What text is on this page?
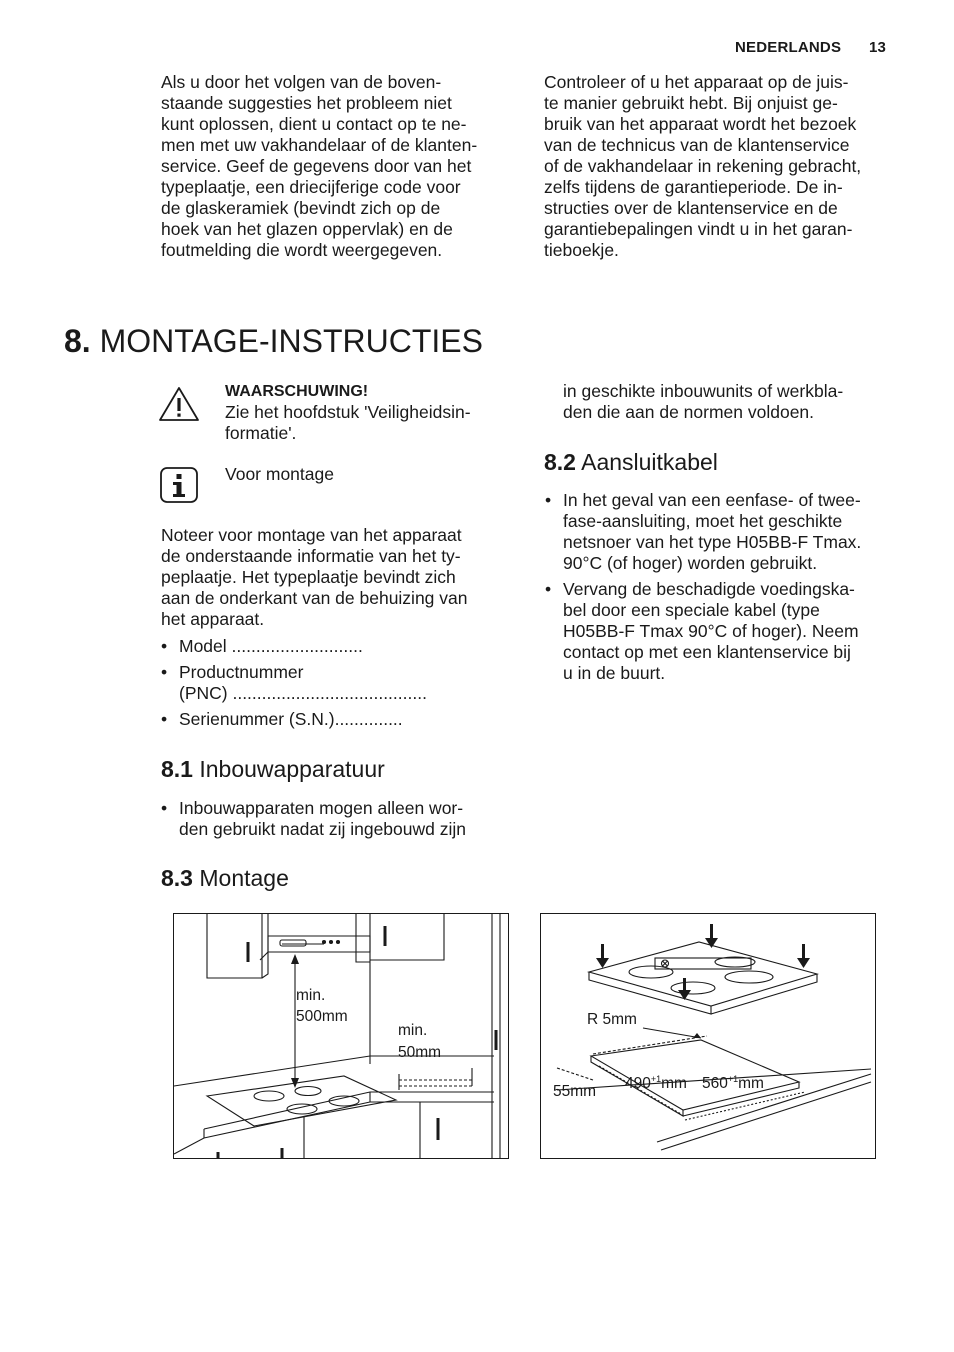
NEDERLANDS 13
Als u door het volgen van de boven-
staande suggesties het probleem niet
kunt oplossen, dient u contact op te ne-
men met uw vakhandelaar of de klanten-
service. Geef de gegevens door van het
typeplaatje, een driecijferige code voor
de glaskeramiek (bevindt zich op de
hoek van het glazen oppervlak) en de
foutmelding die wordt weergegeven.
Controleer of u het apparaat op de juis-
te manier gebruikt hebt. Bij onjuist ge-
bruik van het apparaat wordt het bezoek
van de technicus van de klantenservice
of de vakhandelaar in rekening gebracht,
zelfs tijdens de garantieperiode. De in-
structies over de klantenservice en de
garantiebepalingen vindt u in het garan-
tieboekje.
8. MONTAGE-INSTRUCTIES
WAARSCHUWING!
Zie het hoofdstuk 'Veiligheidsin-
formatie'.
Voor montage
Noteer voor montage van het apparaat
de onderstaande informatie van het ty-
peplaatje. Het typeplaatje bevindt zich
aan de onderkant van de behuizing van
het apparaat.
• Model ...........................
• Productnummer
(PNC) ........................................
• Serienummer (S.N.)..............
8.1 Inbouwapparatuur
• Inbouwapparaten mogen alleen wor-
den gebruikt nadat zij ingebouwd zijn
in geschikte inbouwunits of werkbla-
den die aan de normen voldoen.
8.2 Aansluitkabel
• In het geval van een eenfase- of twee-
fase-aansluiting, moet het geschikte
netsnoer van het type H05BB-F Tmax.
90°C (of hoger) worden gebruikt.
• Vervang de beschadigde voedingska-
bel door een speciale kabel (type
H05BB-F Tmax 90°C of hoger). Neem
contact op met een klantenservice bij
u in de buurt.
8.3 Montage
min.
500mm
min.
50mm
R 5mm
55mm $490^{+1}mm$ $560^{+1}mm$
